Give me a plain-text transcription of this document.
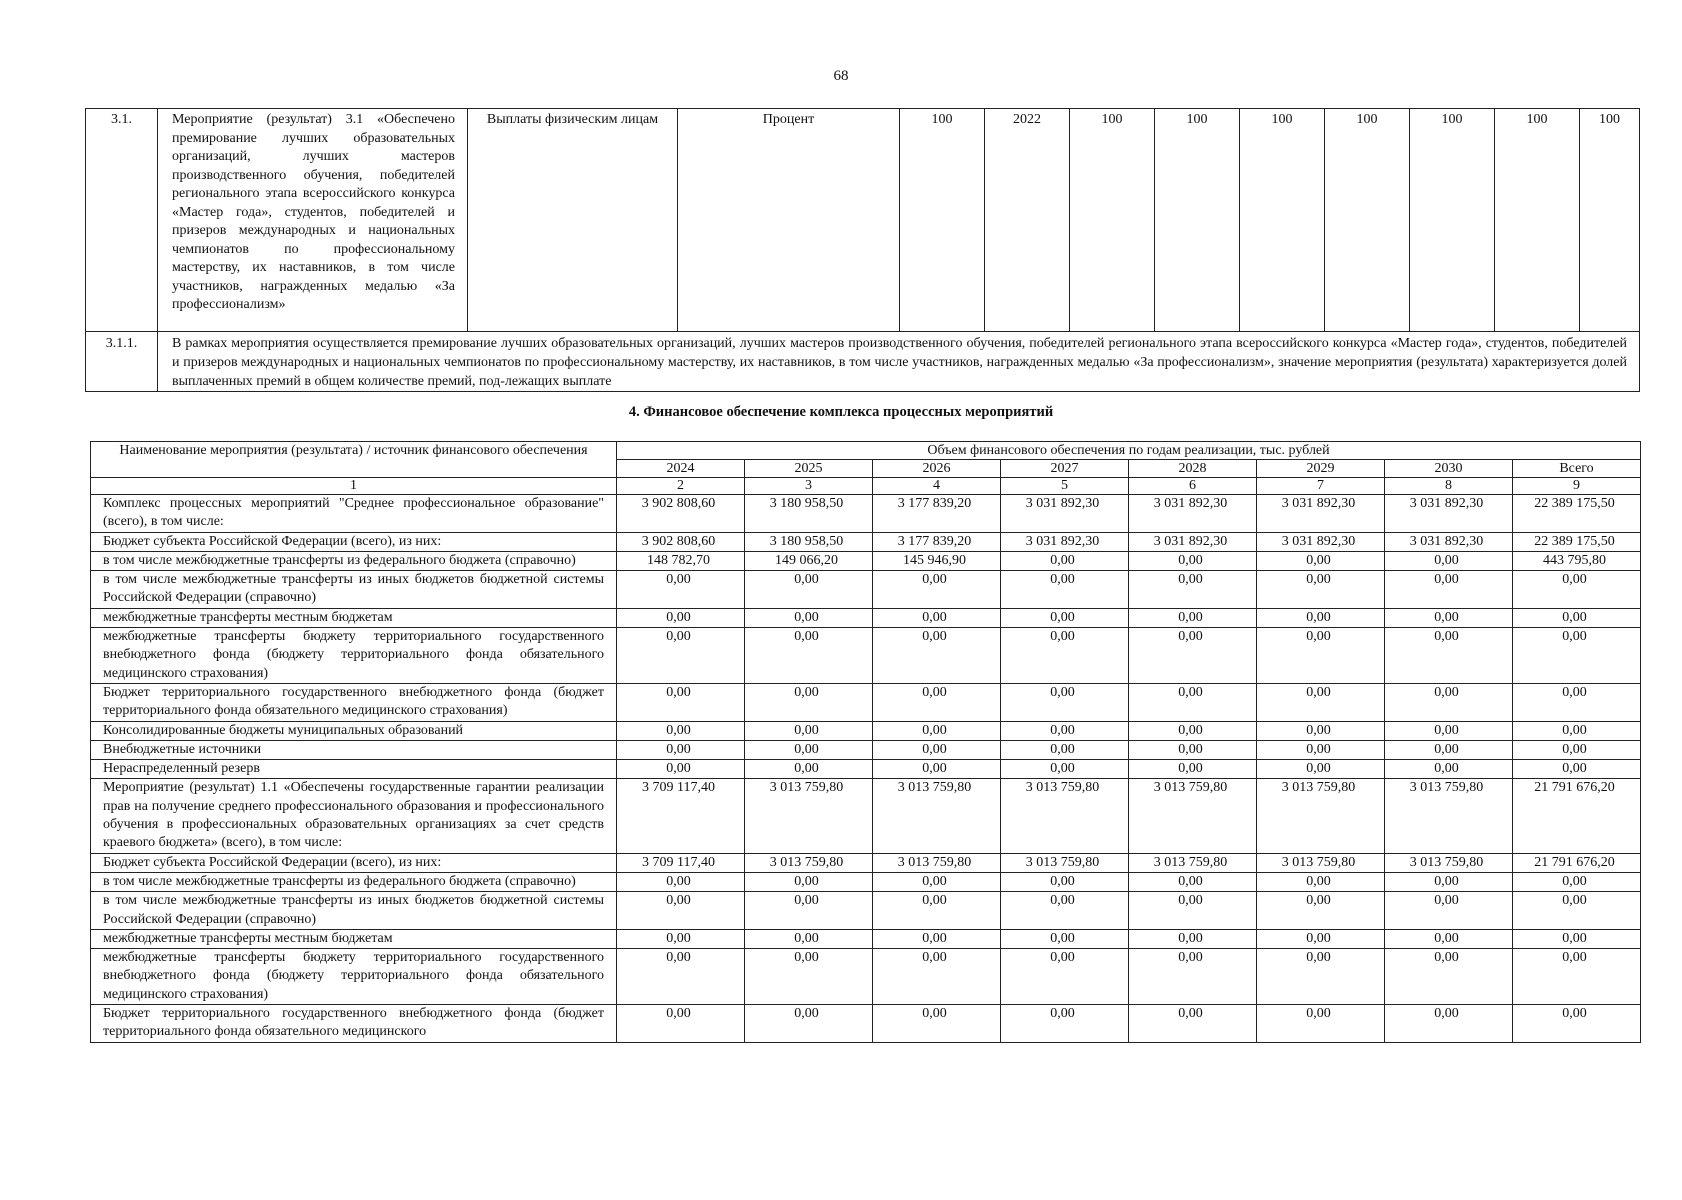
68
3.1.	Мероприятие (результат) 3.1 «Обеспечено премирование лучших образовательных организаций, лучших мастеров производственного обучения, победителей регионального этапа всероссийского конкурса «Мастер года», студентов, победителей и призеров международных и национальных чемпионатов по профессиональному мастерству, их наставников, в том числе участников, награжденных медалью «За профессионализм»	Выплаты физическим лицам	Процент	100	2022	100	100	100	100	100	100	100
3.1.1.	В рамках мероприятия осуществляется премирование лучших образовательных организаций, лучших мастеров производственного обучения, победителей регионального этапа всероссийского конкурса «Мастер года», студентов, победителей и призеров международных и национальных чемпионатов по профессиональному мастерству, их наставников, в том числе участников, награжденных медалью «За профессионализм», значение мероприятия (результата) характеризуется долей выплаченных премий в общем количестве премий, под-лежащих выплате											
4. Финансовое обеспечение комплекса процессных мероприятий
Наименование мероприятия (результата) / источник финансового обеспечения	Объем финансового обеспечения по годам реализации, тыс. рублей							
	2024	2025	2026	2027	2028	2029	2030	Всего
1	2	3	4	5	6	7	8	9
Комплекс процессных мероприятий "Среднее профессиональное образование" (всего), в том числе:	3 902 808,60	3 180 958,50	3 177 839,20	3 031 892,30	3 031 892,30	3 031 892,30	3 031 892,30	22 389 175,50
Бюджет субъекта Российской Федерации (всего), из них:	3 902 808,60	3 180 958,50	3 177 839,20	3 031 892,30	3 031 892,30	3 031 892,30	3 031 892,30	22 389 175,50
в том числе межбюджетные трансферты из федерального бюджета (справочно)	148 782,70	149 066,20	145 946,90	0,00	0,00	0,00	0,00	443 795,80
в том числе межбюджетные трансферты из иных бюджетов бюджетной системы Российской Федерации (справочно)	0,00	0,00	0,00	0,00	0,00	0,00	0,00	0,00
межбюджетные трансферты местным бюджетам	0,00	0,00	0,00	0,00	0,00	0,00	0,00	0,00
межбюджетные трансферты бюджету территориального государственного внебюджетного фонда (бюджету территориального фонда обязательного медицинского страхования)	0,00	0,00	0,00	0,00	0,00	0,00	0,00	0,00
Бюджет территориального государственного внебюджетного фонда (бюджет территориального фонда обязательного медицинского страхования)	0,00	0,00	0,00	0,00	0,00	0,00	0,00	0,00
Консолидированные бюджеты муниципальных образований	0,00	0,00	0,00	0,00	0,00	0,00	0,00	0,00
Внебюджетные источники	0,00	0,00	0,00	0,00	0,00	0,00	0,00	0,00
Нераспределенный резерв	0,00	0,00	0,00	0,00	0,00	0,00	0,00	0,00
Мероприятие (результат) 1.1 «Обеспечены государственные гарантии реализации прав на получение среднего профессионального образования и профессионального обучения в профессиональных образовательных организациях за счет средств краевого бюджета» (всего), в том числе:	3 709 117,40	3 013 759,80	3 013 759,80	3 013 759,80	3 013 759,80	3 013 759,80	3 013 759,80	21 791 676,20
Бюджет субъекта Российской Федерации (всего), из них:	3 709 117,40	3 013 759,80	3 013 759,80	3 013 759,80	3 013 759,80	3 013 759,80	3 013 759,80	21 791 676,20
в том числе межбюджетные трансферты из федерального бюджета (справочно)	0,00	0,00	0,00	0,00	0,00	0,00	0,00	0,00
в том числе межбюджетные трансферты из иных бюджетов бюджетной системы Российской Федерации (справочно)	0,00	0,00	0,00	0,00	0,00	0,00	0,00	0,00
межбюджетные трансферты местным бюджетам	0,00	0,00	0,00	0,00	0,00	0,00	0,00	0,00
межбюджетные трансферты бюджету территориального государственного внебюджетного фонда (бюджету территориального фонда обязательного медицинского страхования)	0,00	0,00	0,00	0,00	0,00	0,00	0,00	0,00
Бюджет территориального государственного внебюджетного фонда (бюджет территориального фонда обязательного медицинского	0,00	0,00	0,00	0,00	0,00	0,00	0,00	0,00
